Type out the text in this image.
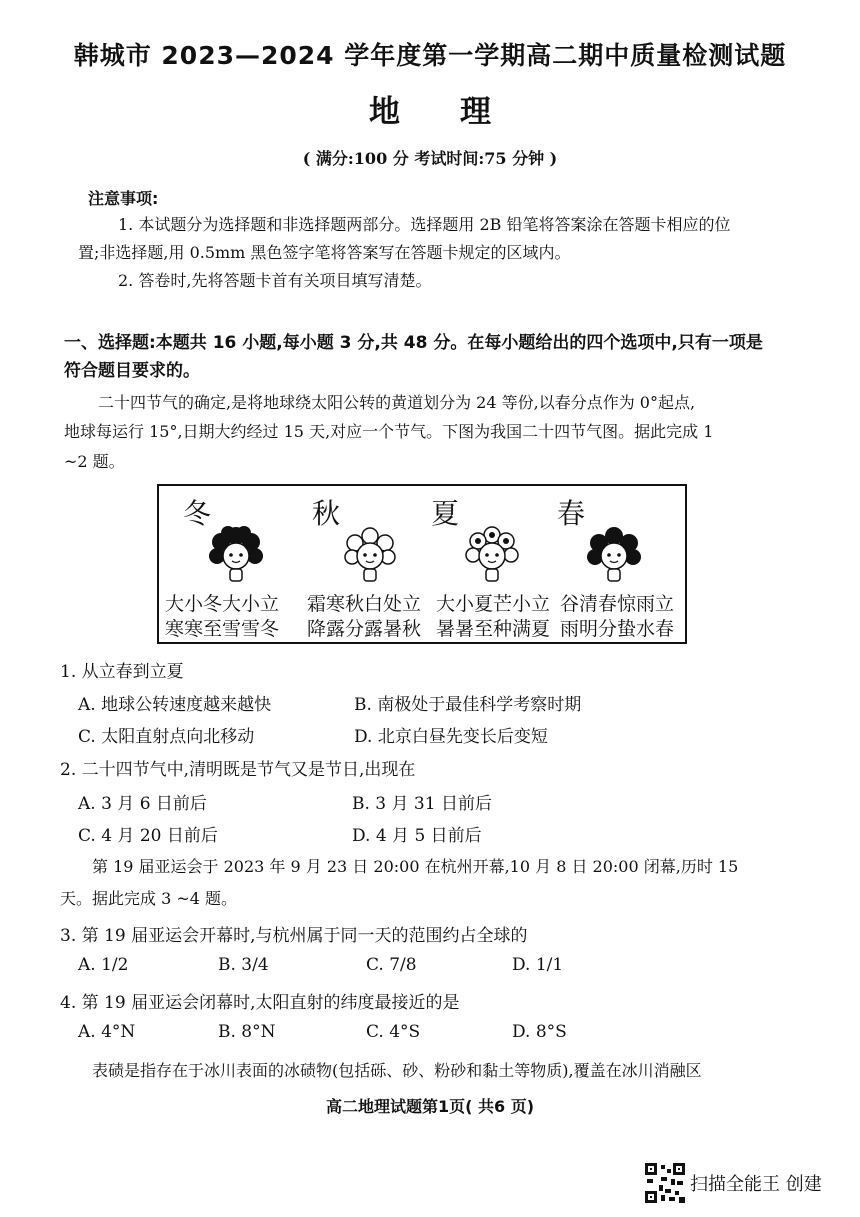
韩城市 2023—2024 学年度第一学期高二期中质量检测试题
地理
( 满分:100 分 考试时间:75 分钟 )
注意事项:
1. 本试题分为选择题和非选择题两部分。选择题用 2B 铅笔将答案涂在答题卡相应的位
置;非选择题,用 0.5mm 黑色签字笔将答案写在答题卡规定的区域内。
2. 答卷时,先将答题卡首有关项目填写清楚。
一、选择题:本题共 16 小题,每小题 3 分,共 48 分。在每小题给出的四个选项中,只有一项是
符合题目要求的。
二十四节气的确定,是将地球绕太阳公转的黄道划分为 24 等份,以春分点作为 0°起点,
地球每运行 15°,日期大约经过 15 天,对应一个节气。下图为我国二十四节气图。据此完成 1
~2 题。
冬	秋	夏	春
大小冬大小立
寒寒至雪雪冬
霜寒秋白处立
降露分露暑秋
大小夏芒小立
暑暑至种满夏
谷清春惊雨立
雨明分蛰水春
1. 从立春到立夏
A. 地球公转速度越来越快	B. 南极处于最佳科学考察时期
C. 太阳直射点向北移动	D. 北京白昼先变长后变短
2. 二十四节气中,清明既是节气又是节日,出现在
A. 3 月 6 日前后	B. 3 月 31 日前后
C. 4 月 20 日前后	D. 4 月 5 日前后
第 19 届亚运会于 2023 年 9 月 23 日 20:00 在杭州开幕,10 月 8 日 20:00 闭幕,历时 15
天。据此完成 3 ~4 题。
3. 第 19 届亚运会开幕时,与杭州属于同一天的范围约占全球的
A. 1/2	B. 3/4	C. 7/8	D. 1/1
4. 第 19 届亚运会闭幕时,太阳直射的纬度最接近的是
A. 4°N	B. 8°N	C. 4°S	D. 8°S
表碛是指存在于冰川表面的冰碛物(包括砾、砂、粉砂和黏土等物质),覆盖在冰川消融区
高二地理试题第1页( 共6 页)
扫描全能王 创建
